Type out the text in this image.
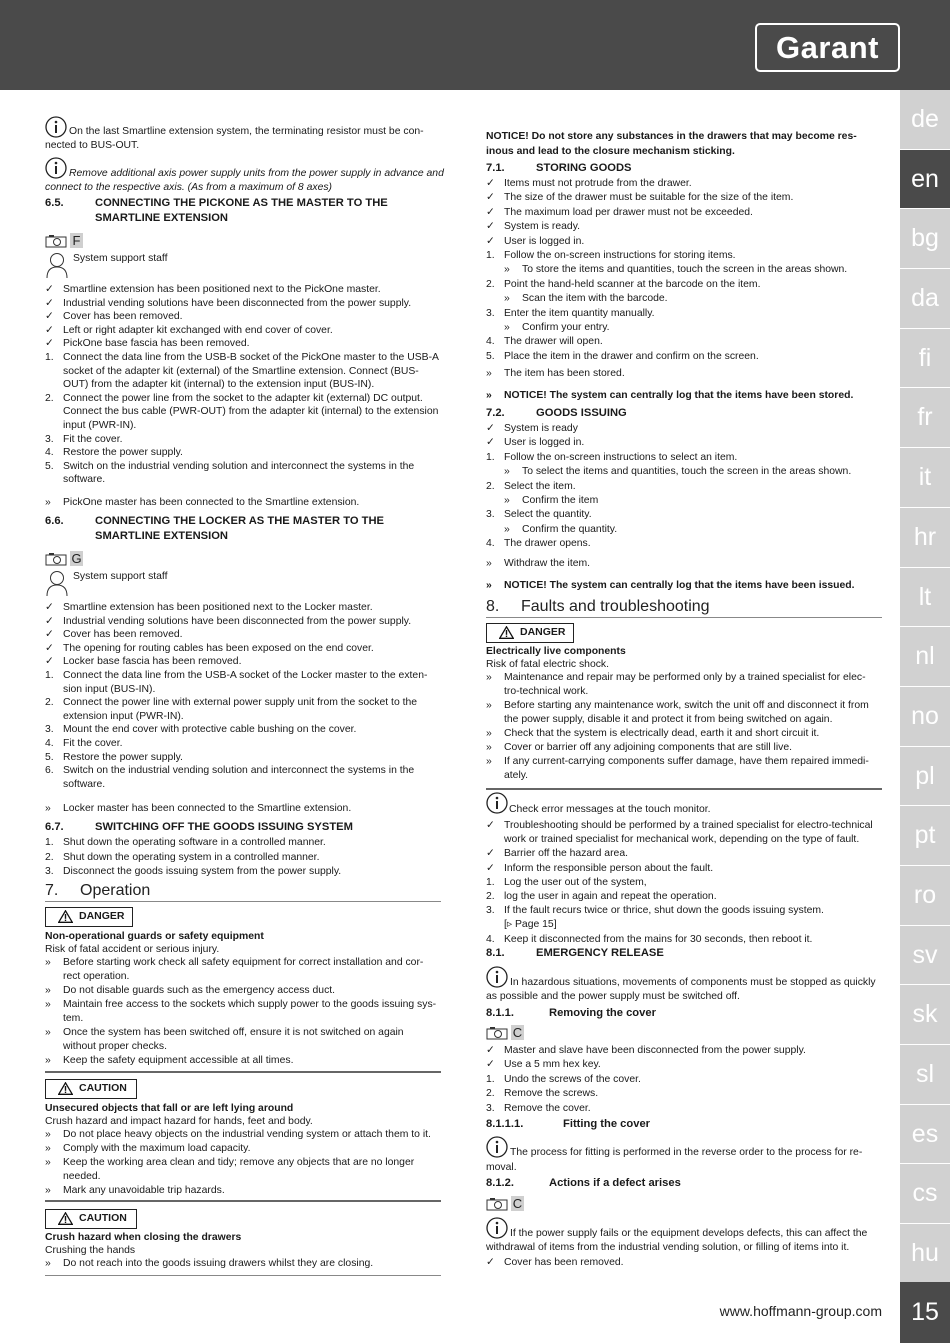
Garant
de
en
bg
da
fi
fr
it
hr
lt
nl
no
pl
pt
ro
sv
sk
sl
es
cs
hu
15
www.hoffmann-group.com
On the last Smartline extension system, the terminating resistor must be con-
nected to BUS-OUT.
Remove additional axis power supply units from the power supply in advance and
connect to the respective axis. (As from a maximum of 8 axes)
6.5.	CONNECTING THE PICKONE AS THE MASTER TO THE
SMARTLINE EXTENSION
F
System support staff
✓ Smartline extension has been positioned next to the PickOne master.
✓ Industrial vending solutions have been disconnected from the power supply.
✓ Cover has been removed.
✓ Left or right adapter kit exchanged with end cover of cover.
✓ PickOne base fascia has been removed.
1. Connect the data line from the USB-B socket of the PickOne master to the USB-A
socket of the adapter kit (external) of the Smartline extension. Connect (BUS-
OUT) from the adapter kit (internal) to the extension input (BUS-IN).
2. Connect the power line from the socket to the adapter kit (external) DC output.
Connect the bus cable (PWR-OUT) from the adapter kit (internal) to the extension
input (PWR-IN).
3. Fit the cover.
4. Restore the power supply.
5. Switch on the industrial vending solution and interconnect the systems in the
software.
»	PickOne master has been connected to the Smartline extension.
6.6.	CONNECTING THE LOCKER AS THE MASTER TO THE
SMARTLINE EXTENSION
G
System support staff
✓ Smartline extension has been positioned next to the Locker master.
✓ Industrial vending solutions have been disconnected from the power supply.
✓ Cover has been removed.
✓ The opening for routing cables has been exposed on the end cover.
✓ Locker base fascia has been removed.
1. Connect the data line from the USB-A socket of the Locker master to the exten-
sion input (BUS-IN).
2. Connect the power line with external power supply unit from the socket to the
extension input (PWR-IN).
3. Mount the end cover with protective cable bushing on the cover.
4. Fit the cover.
5. Restore the power supply.
6. Switch on the industrial vending solution and interconnect the systems in the
software.
»	Locker master has been connected to the Smartline extension.
6.7.	SWITCHING OFF THE GOODS ISSUING SYSTEM
1. Shut down the operating software in a controlled manner.
2. Shut down the operating system in a controlled manner.
3. Disconnect the goods issuing system from the power supply.
7. Operation
DANGER
Non-operational guards or safety equipment
Risk of fatal accident or serious injury.
»	Before starting work check all safety equipment for correct installation and cor-
rect operation.
»	Do not disable guards such as the emergency access duct.
»	Maintain free access to the sockets which supply power to the goods issuing sys-
tem.
»	Once the system has been switched off, ensure it is not switched on again
without proper checks.
»	Keep the safety equipment accessible at all times.
CAUTION
Unsecured objects that fall or are left lying around
Crush hazard and impact hazard for hands, feet and body.
»	Do not place heavy objects on the industrial vending system or attach them to it.
»	Comply with the maximum load capacity.
»	Keep the working area clean and tidy; remove any objects that are no longer
needed.
»	Mark any unavoidable trip hazards.
CAUTION
Crush hazard when closing the drawers
Crushing the hands
»	Do not reach into the goods issuing drawers whilst they are closing.
NOTICE! Do not store any substances in the drawers that may become res-
inous and lead to the closure mechanism sticking.
7.1.	STORING GOODS
✓ Items must not protrude from the drawer.
✓ The size of the drawer must be suitable for the size of the item.
✓ The maximum load per drawer must not be exceeded.
✓ System is ready.
✓ User is logged in.
1. Follow the on-screen instructions for storing items.
»	To store the items and quantities, touch the screen in the areas shown.
2. Point the hand-held scanner at the barcode on the item.
»	Scan the item with the barcode.
3. Enter the item quantity manually.
»	Confirm your entry.
4. The drawer will open.
5. Place the item in the drawer and confirm on the screen.
»	The item has been stored.
»	NOTICE! The system can centrally log that the items have been stored.
7.2.	GOODS ISSUING
✓ System is ready
✓ User is logged in.
1. Follow the on-screen instructions to select an item.
»	To select the items and quantities, touch the screen in the areas shown.
2. Select the item.
»	Confirm the item
3. Select the quantity.
»	Confirm the quantity.
4. The drawer opens.
»	Withdraw the item.
»	NOTICE! The system can centrally log that the items have been issued.
8. Faults and troubleshooting
DANGER
Electrically live components
Risk of fatal electric shock.
»	Maintenance and repair may be performed only by a trained specialist for elec-
tro-technical work.
»	Before starting any maintenance work, switch the unit off and disconnect it from
the power supply, disable it and protect it from being switched on again.
»	Check that the system is electrically dead, earth it and short circuit it.
»	Cover or barrier off any adjoining components that are still live.
»	If any current-carrying components suffer damage, have them repaired immedi-
ately.
Check error messages at the touch monitor.
✓ Troubleshooting should be performed by a trained specialist for electro-technical
work or trained specialist for mechanical work, depending on the type of fault.
✓ Barrier off the hazard area.
✓ Inform the responsible person about the fault.
1. Log the user out of the system,
2. log the user in again and repeat the operation.
3. If the fault recurs twice or thrice, shut down the goods issuing system.
[▹ Page 15]
4. Keep it disconnected from the mains for 30 seconds, then reboot it.
8.1.	EMERGENCY RELEASE
In hazardous situations, movements of components must be stopped as quickly
as possible and the power supply must be switched off.
8.1.1.	Removing the cover
C
✓ Master and slave have been disconnected from the power supply.
✓ Use a 5 mm hex key.
1. Undo the screws of the cover.
2. Remove the screws.
3. Remove the cover.
8.1.1.1.	Fitting the cover
The process for fitting is performed in the reverse order to the process for re-
moval.
8.1.2.	Actions if a defect arises
C
If the power supply fails or the equipment develops defects, this can affect the
withdrawal of items from the industrial vending solution, or filling of items into it.
✓ Cover has been removed.
